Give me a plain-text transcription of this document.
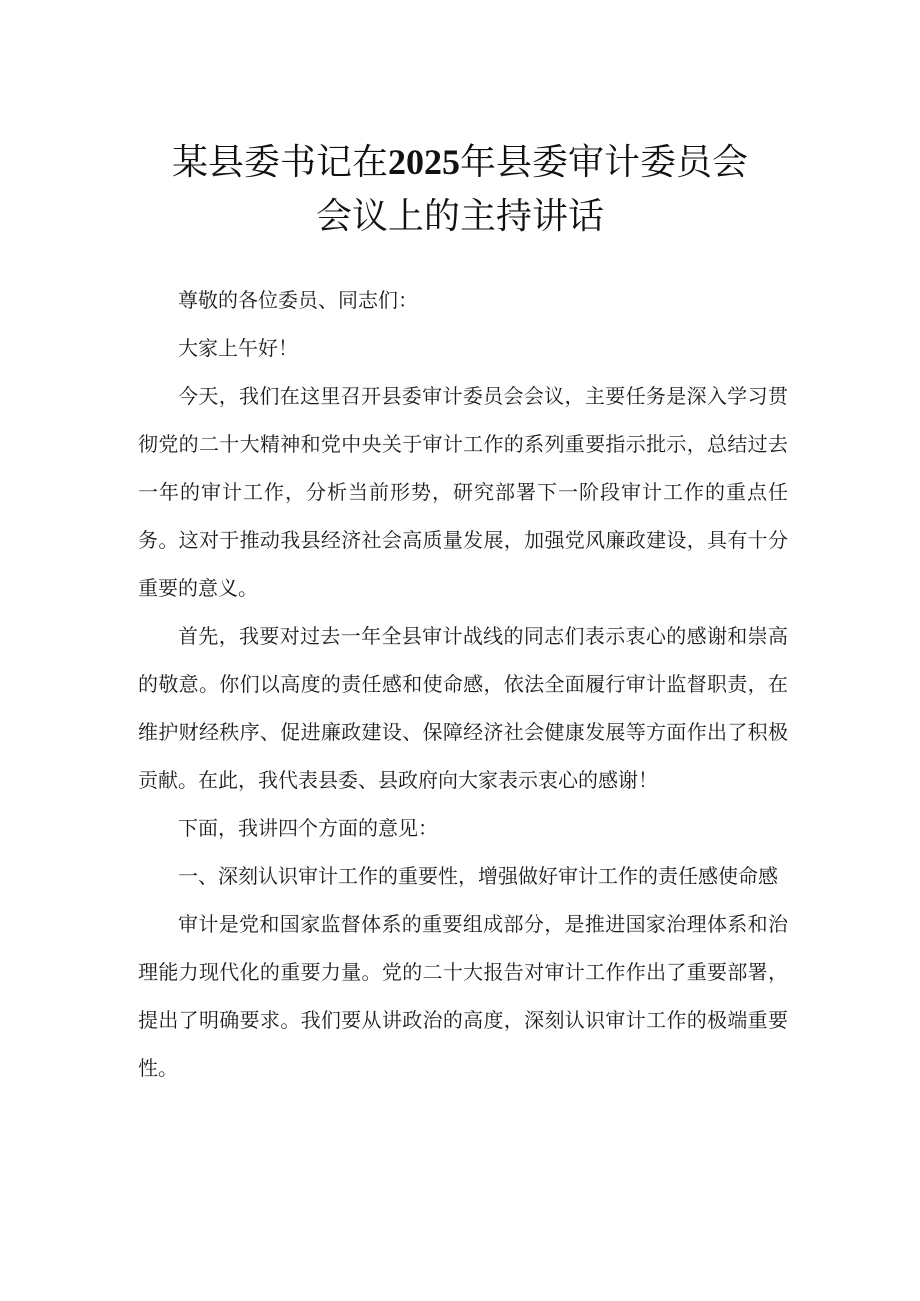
某县委书记在2025年县委审计委员会
会议上的主持讲话

尊敬的各位委员、同志们：

大家上午好！

今天，我们在这里召开县委审计委员会会议，主要任务是深入学习贯彻党的二十大精神和党中央关于审计工作的系列重要指示批示，总结过去一年的审计工作，分析当前形势，研究部署下一阶段审计工作的重点任务。这对于推动我县经济社会高质量发展，加强党风廉政建设，具有十分重要的意义。

首先，我要对过去一年全县审计战线的同志们表示衷心的感谢和崇高的敬意。你们以高度的责任感和使命感，依法全面履行审计监督职责，在维护财经秩序、促进廉政建设、保障经济社会健康发展等方面作出了积极贡献。在此，我代表县委、县政府向大家表示衷心的感谢！

下面，我讲四个方面的意见：

一、深刻认识审计工作的重要性，增强做好审计工作的责任感使命感

审计是党和国家监督体系的重要组成部分，是推进国家治理体系和治理能力现代化的重要力量。党的二十大报告对审计工作作出了重要部署，提出了明确要求。我们要从讲政治的高度，深刻认识审计工作的极端重要性。
